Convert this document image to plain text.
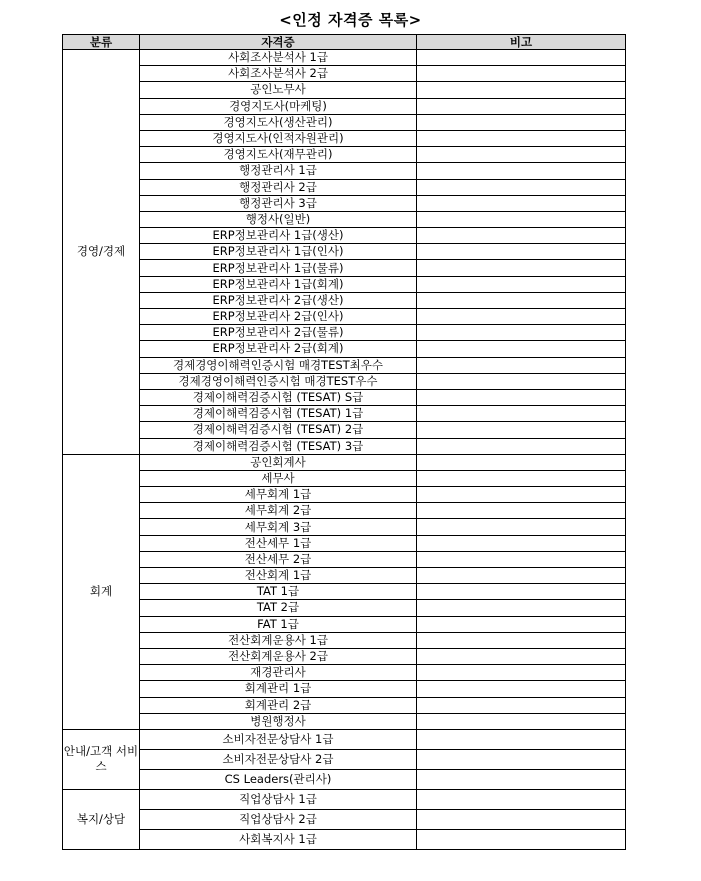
<인정 자격증 목록>
분류	자격증	비고
경영/경제	사회조사분석사 1급	
	사회조사분석사 2급	
	공인노무사	
	경영지도사(마케팅)	
	경영지도사(생산관리)	
	경영지도사(인적자원관리)	
	경영지도사(재무관리)	
	행정관리사 1급	
	행정관리사 2급	
	행정관리사 3급	
	행정사(일반)	
	ERP정보관리사 1급(생산)	
	ERP정보관리사 1급(인사)	
	ERP정보관리사 1급(물류)	
	ERP정보관리사 1급(회계)	
	ERP정보관리사 2급(생산)	
	ERP정보관리사 2급(인사)	
	ERP정보관리사 2급(물류)	
	ERP정보관리사 2급(회계)	
	경제경영이해력인증시험 매경TEST최우수	
	경제경영이해력인증시험 매경TEST우수	
	경제이해력검증시험 (TESAT) S급	
	경제이해력검증시험 (TESAT) 1급	
	경제이해력검증시험 (TESAT) 2급	
	경제이해력검증시험 (TESAT) 3급	
회계	공인회계사	
	세무사	
	세무회계 1급	
	세무회계 2급	
	세무회계 3급	
	전산세무 1급	
	전산세무 2급	
	전산회계 1급	
	TAT 1급	
	TAT 2급	
	FAT 1급	
	전산회계운용사 1급	
	전산회계운용사 2급	
	재경관리사	
	회계관리 1급	
	회계관리 2급	
	병원행정사	
안내/고객 서비스	소비자전문상담사 1급	
	소비자전문상담사 2급	
	CS Leaders(관리사)	
복지/상담	직업상담사 1급	
	직업상담사 2급	
	사회복지사 1급	
